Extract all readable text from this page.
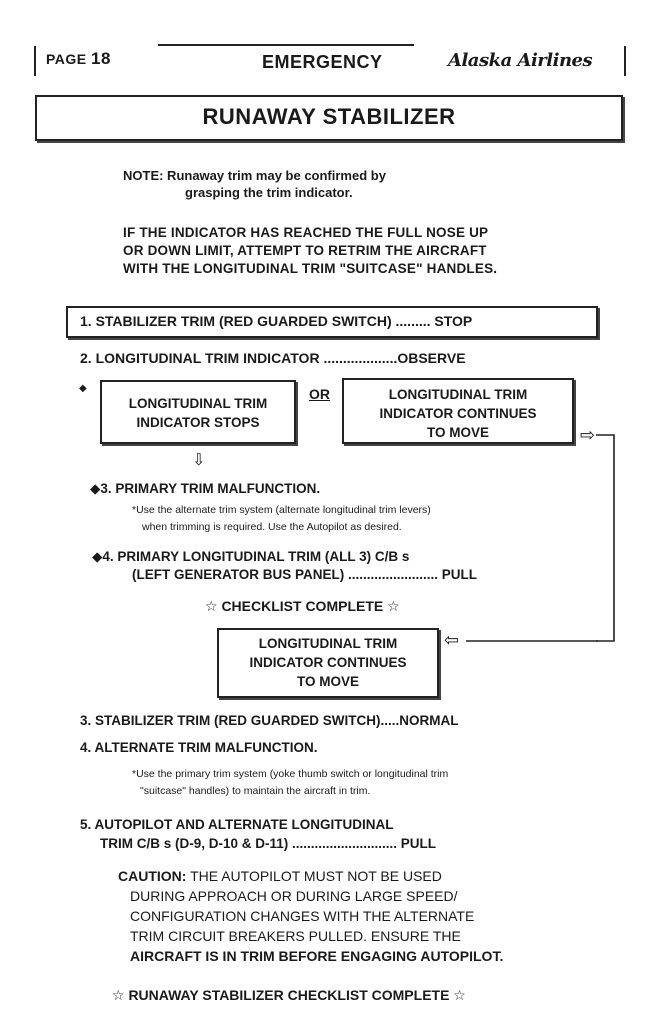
PAGE 18	EMERGENCY	Alaska Airlines
RUNAWAY STABILIZER
NOTE: Runaway trim may be confirmed by
grasping the trim indicator.
IF THE INDICATOR HAS REACHED THE FULL NOSE UP
OR DOWN LIMIT, ATTEMPT TO RETRIM THE AIRCRAFT
WITH THE LONGITUDINAL TRIM "SUITCASE" HANDLES.
1. STABILIZER TRIM (RED GUARDED SWITCH) ......... STOP
2. LONGITUDINAL TRIM INDICATOR ...................OBSERVE
◆
LONGITUDINAL TRIM
INDICATOR STOPS
OR	LONGITUDINAL TRIM
INDICATOR CONTINUES
TO MOVE
⇩
⇨
⇦
◆3. PRIMARY TRIM MALFUNCTION.
*Use the alternate trim system (alternate longitudinal trim levers)
when trimming is required. Use the Autopilot as desired.
◆4. PRIMARY LONGITUDINAL TRIM (ALL 3) C/B s
(LEFT GENERATOR BUS PANEL) ........................ PULL
☆ CHECKLIST COMPLETE ☆
LONGITUDINAL TRIM
INDICATOR CONTINUES
TO MOVE
3. STABILIZER TRIM (RED GUARDED SWITCH).....NORMAL
4. ALTERNATE TRIM MALFUNCTION.
*Use the primary trim system (yoke thumb switch or longitudinal trim
"suitcase" handles) to maintain the aircraft in trim.
5. AUTOPILOT AND ALTERNATE LONGITUDINAL
TRIM C/B s (D-9, D-10 & D-11) ............................ PULL
CAUTION: THE AUTOPILOT MUST NOT BE USED
DURING APPROACH OR DURING LARGE SPEED/
CONFIGURATION CHANGES WITH THE ALTERNATE
TRIM CIRCUIT BREAKERS PULLED. ENSURE THE
AIRCRAFT IS IN TRIM BEFORE ENGAGING AUTOPILOT.
☆ RUNAWAY STABILIZER CHECKLIST COMPLETE ☆
